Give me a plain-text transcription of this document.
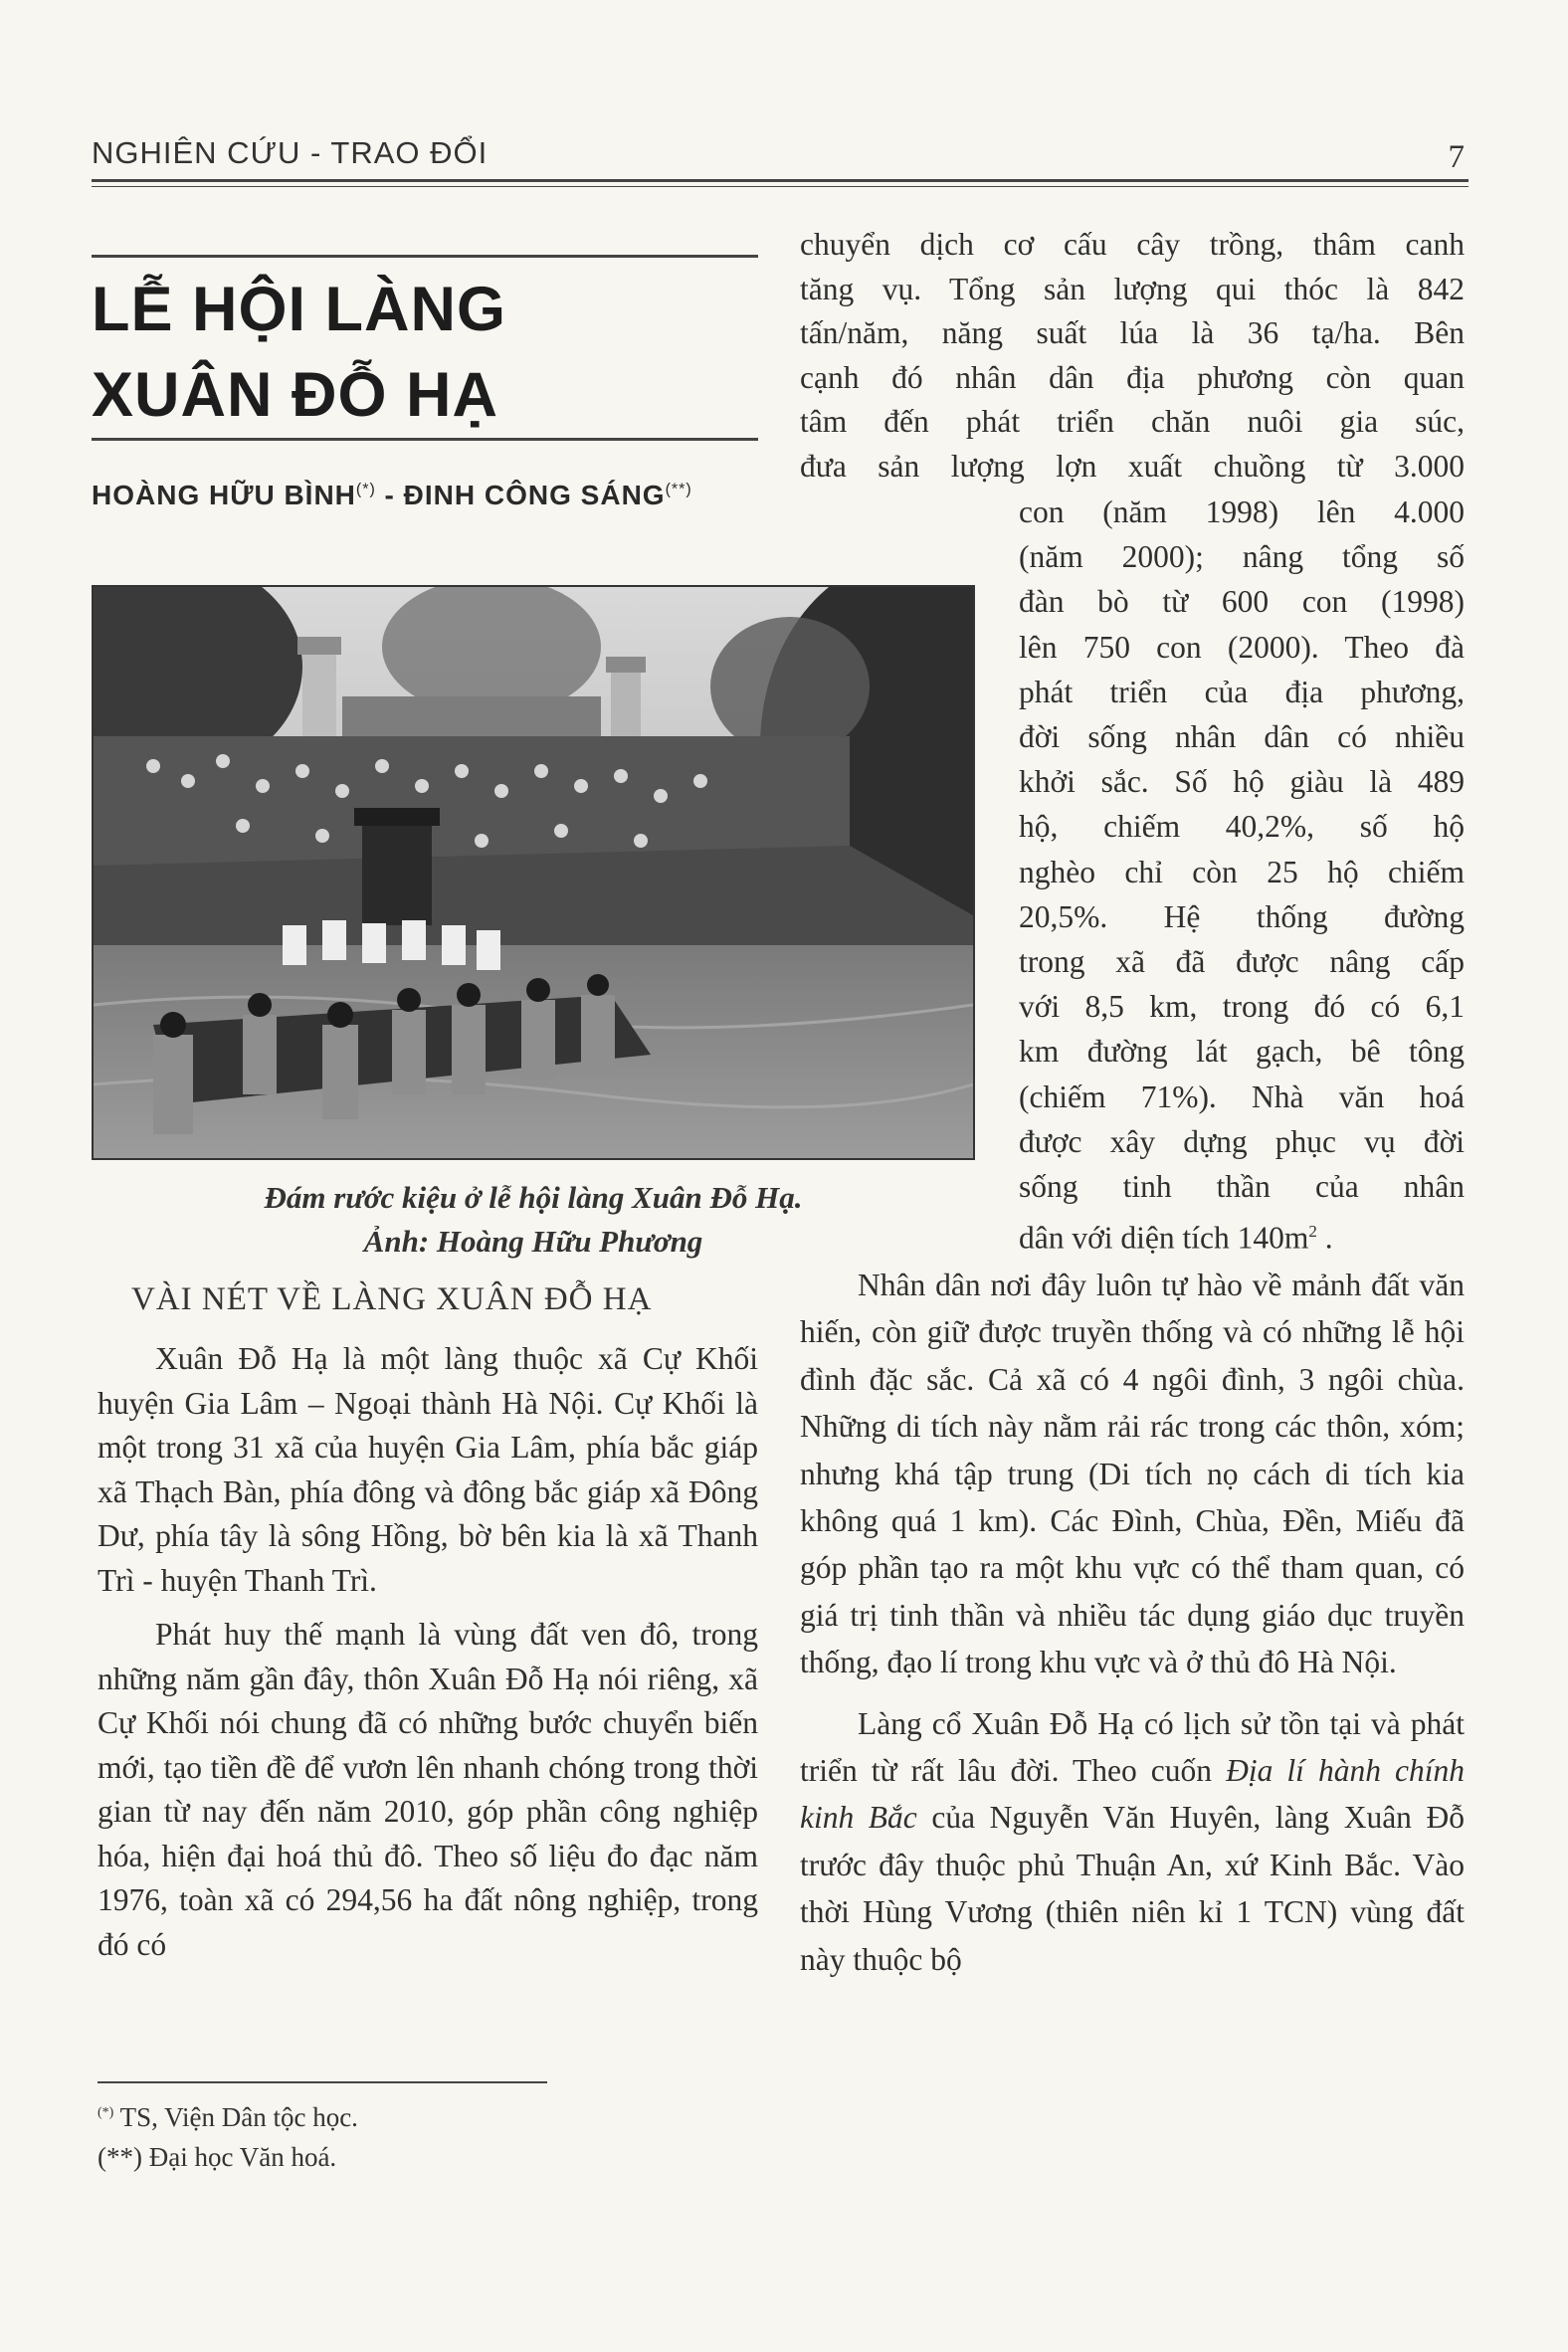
NGHIÊN CỨU - TRAO ĐỔI	7
LỄ HỘI LÀNG
XUÂN ĐỖ HẠ
HOÀNG HỮU BÌNH(*) - ĐINH CÔNG SÁNG(**)
Đám rước kiệu ở lễ hội làng Xuân Đỗ Hạ.
Ảnh: Hoàng Hữu Phương
VÀI NÉT VỀ LÀNG XUÂN ĐỖ HẠ

Xuân Đỗ Hạ là một làng thuộc xã Cự Khối huyện Gia Lâm – Ngoại thành Hà Nội. Cự Khối là một trong 31 xã của huyện Gia Lâm, phía bắc giáp xã Thạch Bàn, phía đông và đông bắc giáp xã Đông Dư, phía tây là sông Hồng, bờ bên kia là xã Thanh Trì - huyện Thanh Trì.

Phát huy thế mạnh là vùng đất ven đô, trong những năm gần đây, thôn Xuân Đỗ Hạ nói riêng, xã Cự Khối nói chung đã có những bước chuyển biến mới, tạo tiền đề để vươn lên nhanh chóng trong thời gian từ nay đến năm 2010, góp phần công nghiệp hóa, hiện đại hoá thủ đô. Theo số liệu đo đạc năm 1976, toàn xã có 294,56 ha đất nông nghiệp, trong đó có

(*) TS, Viện Dân tộc học.
(**) Đại học Văn hoá.
chuyển dịch cơ cấu cây trồng, thâm canh
tăng vụ. Tổng sản lượng qui thóc là 842
tấn/năm, năng suất lúa là 36 tạ/ha. Bên
cạnh đó nhân dân địa phương còn quan
tâm đến phát triển chăn nuôi gia súc,
đưa sản lượng lợn xuất chuồng từ 3.000
con (năm 1998) lên 4.000
(năm 2000); nâng tổng số
đàn bò từ 600 con (1998)
lên 750 con (2000). Theo đà
phát triển của địa phương,
đời sống nhân dân có nhiều
khởi sắc. Số hộ giàu là 489
hộ, chiếm 40,2%, số hộ
nghèo chỉ còn 25 hộ chiếm
20,5%. Hệ thống đường
trong xã đã được nâng cấp
với 8,5 km, trong đó có 6,1
km đường lát gạch, bê tông
(chiếm 71%). Nhà văn hoá
được xây dựng phục vụ đời
sống tinh thần của nhân
dân với diện tích $140m^2$ .

Nhân dân nơi đây luôn tự hào về mảnh đất văn hiến, còn giữ được truyền thống và có những lễ hội đình đặc sắc. Cả xã có 4 ngôi đình, 3 ngôi chùa. Những di tích này nằm rải rác trong các thôn, xóm; nhưng khá tập trung (Di tích nọ cách di tích kia không quá 1 km). Các Đình, Chùa, Đền, Miếu đã góp phần tạo ra một khu vực có thể tham quan, có giá trị tinh thần và nhiều tác dụng giáo dục truyền thống, đạo lí trong khu vực và ở thủ đô Hà Nội.

Làng cổ Xuân Đỗ Hạ có lịch sử tồn tại và phát triển từ rất lâu đời. Theo cuốn Địa lí hành chính kinh Bắc của Nguyễn Văn Huyên, làng Xuân Đỗ trước đây thuộc phủ Thuận An, xứ Kinh Bắc. Vào thời Hùng Vương (thiên niên kỉ 1 TCN) vùng đất này thuộc bộ
